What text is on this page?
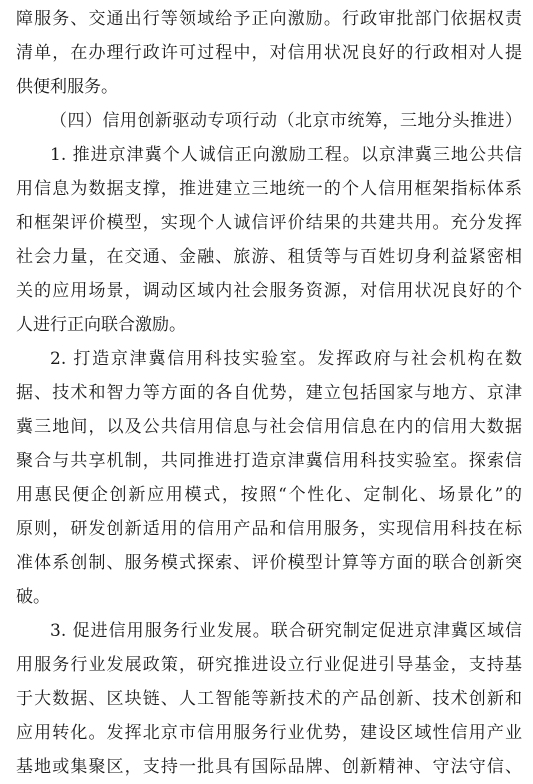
障服务、交通出行等领域给予正向激励。行政审批部门依据权责
清单，在办理行政许可过程中，对信用状况良好的行政相对人提
供便利服务。
（四）信用创新驱动专项行动（北京市统筹，三地分头推进）
1. 推进京津冀个人诚信正向激励工程。以京津冀三地公共信
用信息为数据支撑，推进建立三地统一的个人信用框架指标体系
和框架评价模型，实现个人诚信评价结果的共建共用。充分发挥
社会力量，在交通、金融、旅游、租赁等与百姓切身利益紧密相
关的应用场景，调动区域内社会服务资源，对信用状况良好的个
人进行正向联合激励。
2. 打造京津冀信用科技实验室。发挥政府与社会机构在数
据、技术和智力等方面的各自优势，建立包括国家与地方、京津
冀三地间，以及公共信用信息与社会信用信息在内的信用大数据
聚合与共享机制，共同推进打造京津冀信用科技实验室。探索信
用惠民便企创新应用模式，按照“个性化、定制化、场景化”的
原则，研发创新适用的信用产品和信用服务，实现信用科技在标
准体系创制、服务模式探索、评价模型计算等方面的联合创新突
破。
3. 促进信用服务行业发展。联合研究制定促进京津冀区域信
用服务行业发展政策，研究推进设立行业促进引导基金，支持基
于大数据、区块链、人工智能等新技术的产品创新、技术创新和
应用转化。发挥北京市信用服务行业优势，建设区域性信用产业
基地或集聚区，支持一批具有国际品牌、创新精神、守法守信、
